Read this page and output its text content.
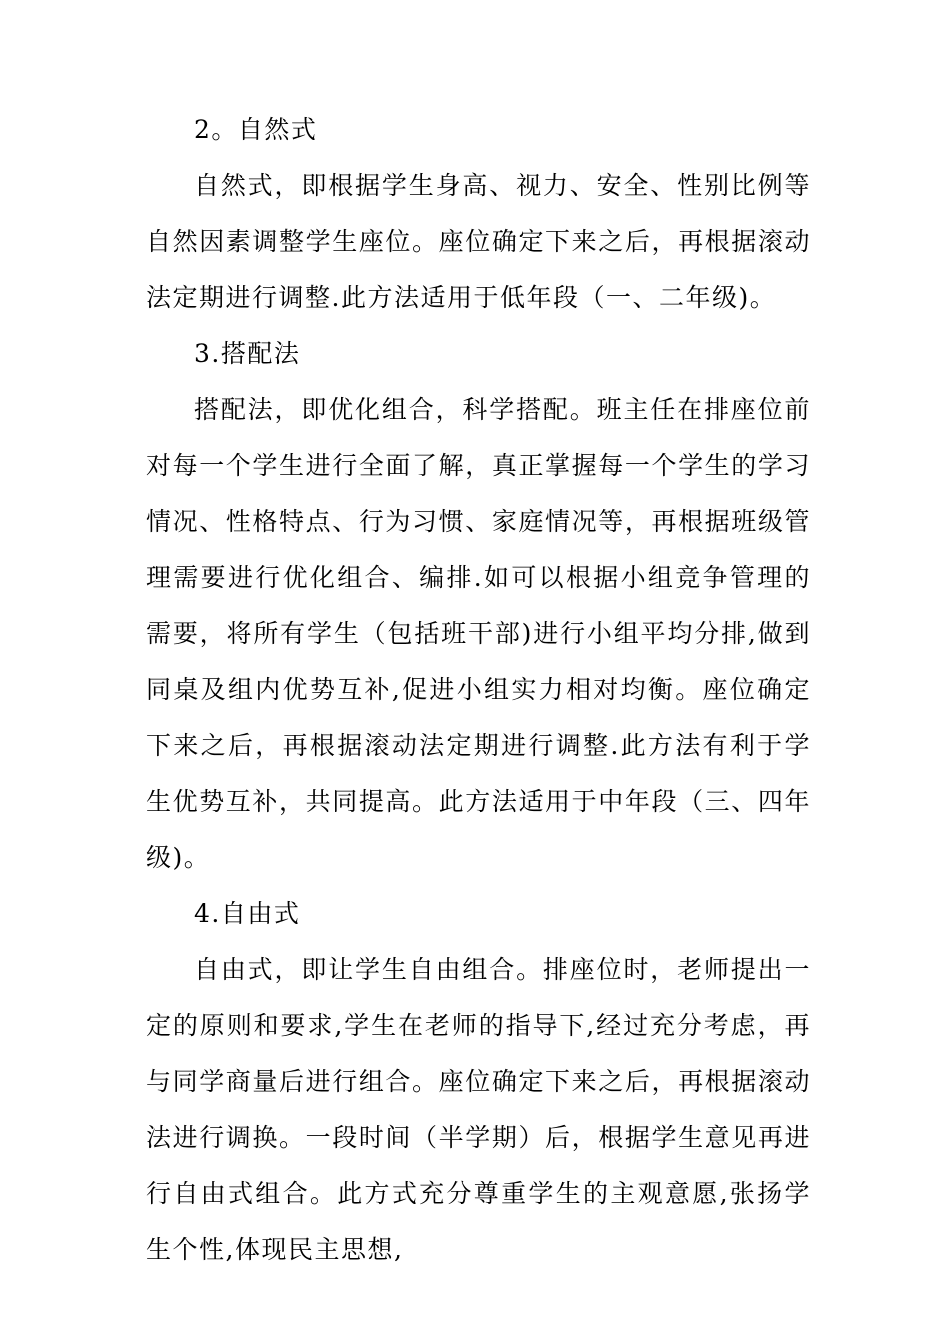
2。自然式

自然式，即根据学生身高、视力、安全、性别比例等自然因素调整学生座位。座位确定下来之后，再根据滚动法定期进行调整.此方法适用于低年段（一、二年级)。

3.搭配法

搭配法，即优化组合，科学搭配。班主任在排座位前对每一个学生进行全面了解，真正掌握每一个学生的学习情况、性格特点、行为习惯、家庭情况等，再根据班级管理需要进行优化组合、编排.如可以根据小组竞争管理的需要，将所有学生（包括班干部)进行小组平均分排,做到同桌及组内优势互补,促进小组实力相对均衡。座位确定下来之后，再根据滚动法定期进行调整.此方法有利于学生优势互补，共同提高。此方法适用于中年段（三、四年级)。

4.自由式

自由式，即让学生自由组合。排座位时，老师提出一定的原则和要求,学生在老师的指导下,经过充分考虑，再与同学商量后进行组合。座位确定下来之后，再根据滚动法进行调换。一段时间（半学期）后，根据学生意见再进行自由式组合。此方式充分尊重学生的主观意愿,张扬学生个性,体现民主思想,
